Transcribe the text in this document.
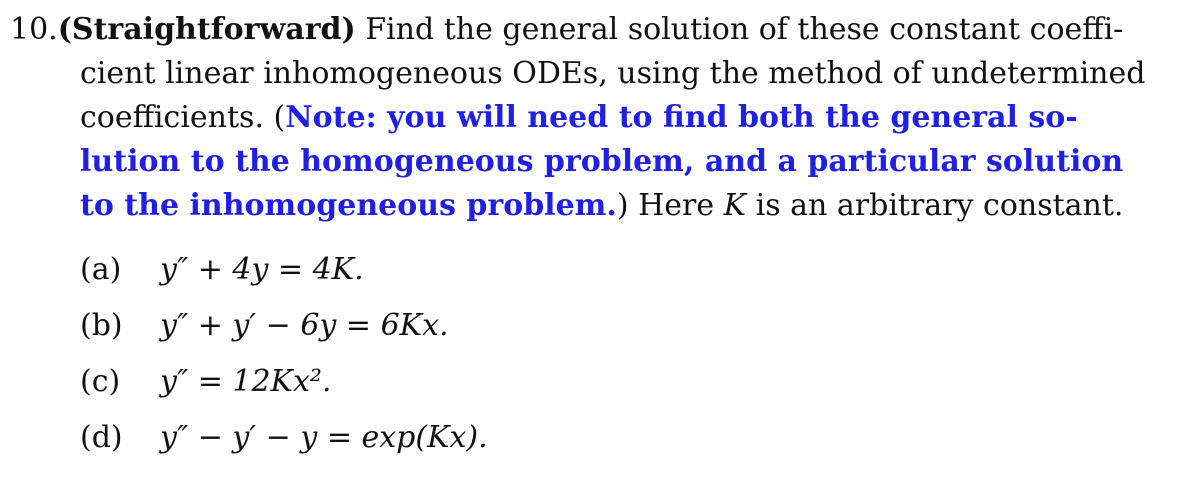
10.(Straightforward) Find the general solution of these constant coeffi-
cient linear inhomogeneous ODEs, using the method of undetermined
coefficients. (Note: you will need to find both the general so-
lution to the homogeneous problem, and a particular solution
to the inhomogeneous problem.) Here K is an arbitrary constant.
(a) y″ + 4y = 4K.
(b) y″ + y′ − 6y = 6Kx.
(c) y″ = 12Kx².
(d) y″ − y′ − y = exp(Kx).
